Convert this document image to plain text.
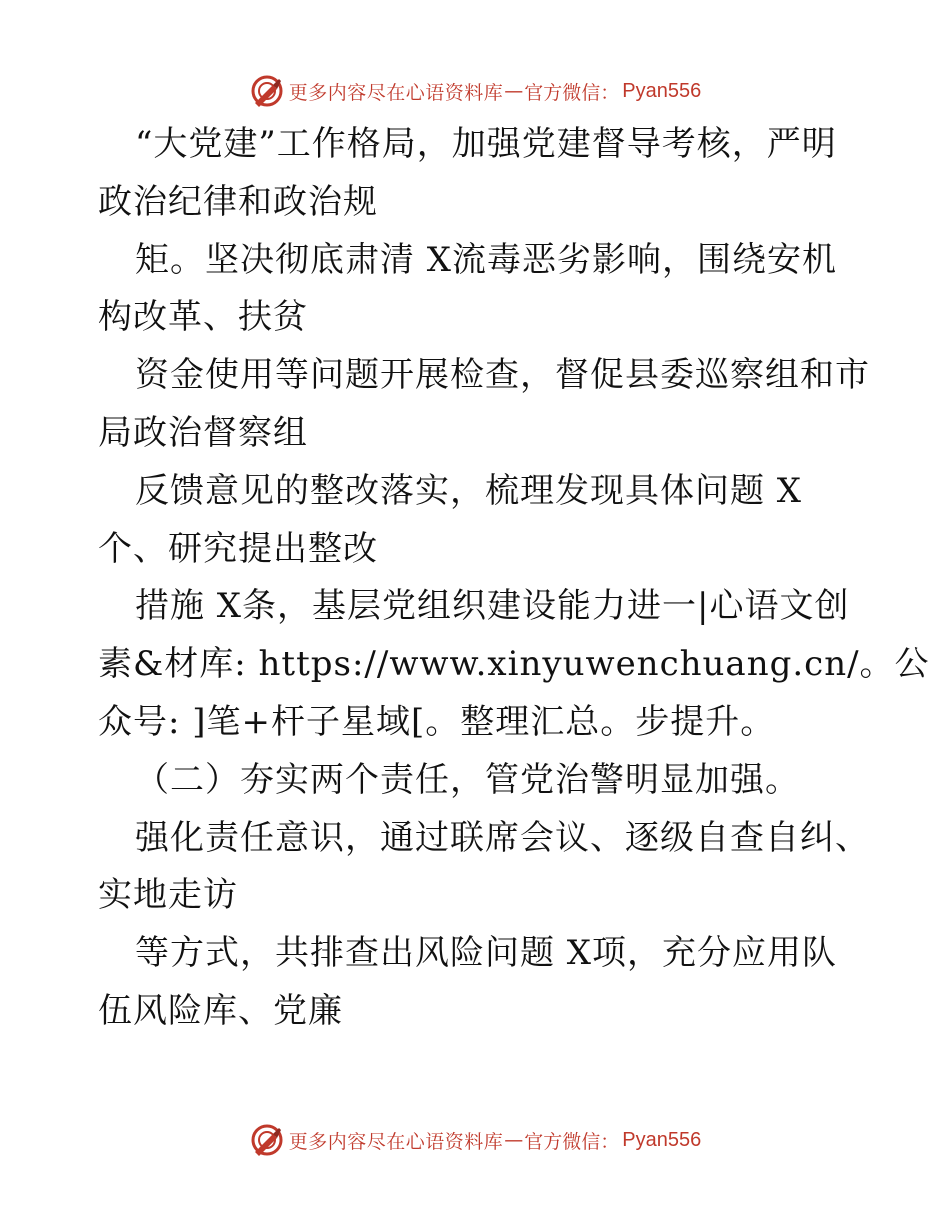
更多内容尽在心语资料库 — 官方微信： Pyan556
“大党建”工作格局，加强党建督导考核，严明
政治纪律和政治规
矩。坚决彻底肃清 X流毒恶劣影响，围绕安机
构改革、扶贫
资金使用等问题开展检查，督促县委巡察组和市
局政治督察组
反馈意见的整改落实，梳理发现具体问题 X
个、研究提出整改
措施 X条，基层党组织建设能力进一|心语文创
素&材库: https://www.xinyuwenchuang.cn/。公
众号: ]笔+杆子星域[。整理汇总。步提升。
（二）夯实两个责任，管党治警明显加强。
强化责任意识，通过联席会议、逐级自查自纠、
实地走访
等方式，共排查出风险问题 X项，充分应用队
伍风险库、党廉
更多内容尽在心语资料库 — 官方微信： Pyan556
